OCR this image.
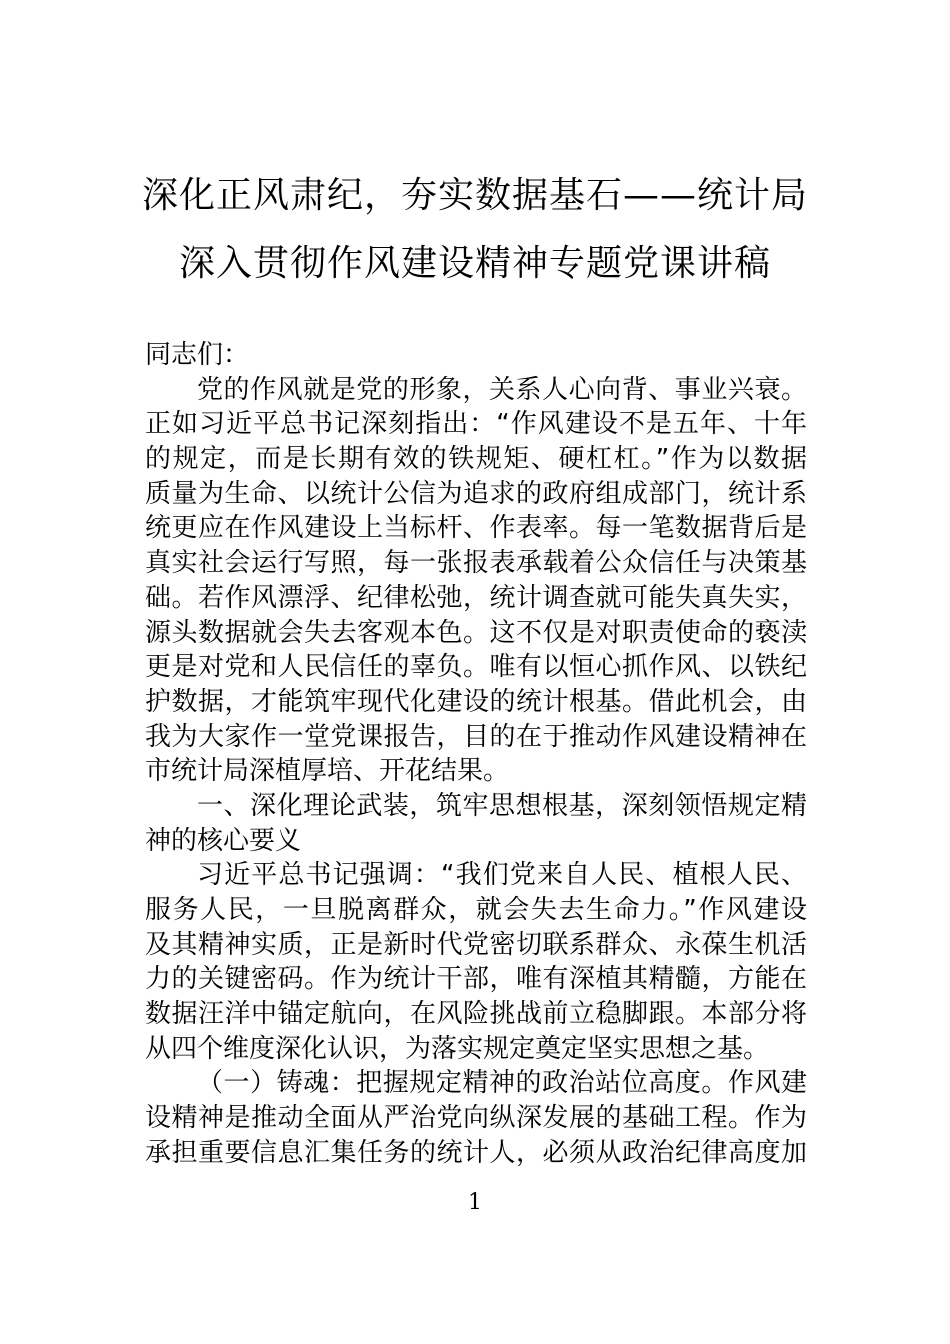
深化正风肃纪，夯实数据基石——统计局
深入贯彻作风建设精神专题党课讲稿
同志们：
党的作风就是党的形象，关系人心向背、事业兴衰。
正如习近平总书记深刻指出：“作风建设不是五年、十年
的规定，而是长期有效的铁规矩、硬杠杠。”作为以数据
质量为生命、以统计公信为追求的政府组成部门，统计系
统更应在作风建设上当标杆、作表率。每一笔数据背后是
真实社会运行写照，每一张报表承载着公众信任与决策基
础。若作风漂浮、纪律松弛，统计调查就可能失真失实，
源头数据就会失去客观本色。这不仅是对职责使命的亵渎
更是对党和人民信任的辜负。唯有以恒心抓作风、以铁纪
护数据，才能筑牢现代化建设的统计根基。借此机会，由
我为大家作一堂党课报告，目的在于推动作风建设精神在
市统计局深植厚培、开花结果。
一、深化理论武装，筑牢思想根基，深刻领悟规定精
神的核心要义
习近平总书记强调：“我们党来自人民、植根人民、
服务人民，一旦脱离群众，就会失去生命力。”作风建设
及其精神实质，正是新时代党密切联系群众、永葆生机活
力的关键密码。作为统计干部，唯有深植其精髓，方能在
数据汪洋中锚定航向，在风险挑战前立稳脚跟。本部分将
从四个维度深化认识，为落实规定奠定坚实思想之基。
（一）铸魂：把握规定精神的政治站位高度。作风建
设精神是推动全面从严治党向纵深发展的基础工程。作为
承担重要信息汇集任务的统计人，必须从政治纪律高度加
1
